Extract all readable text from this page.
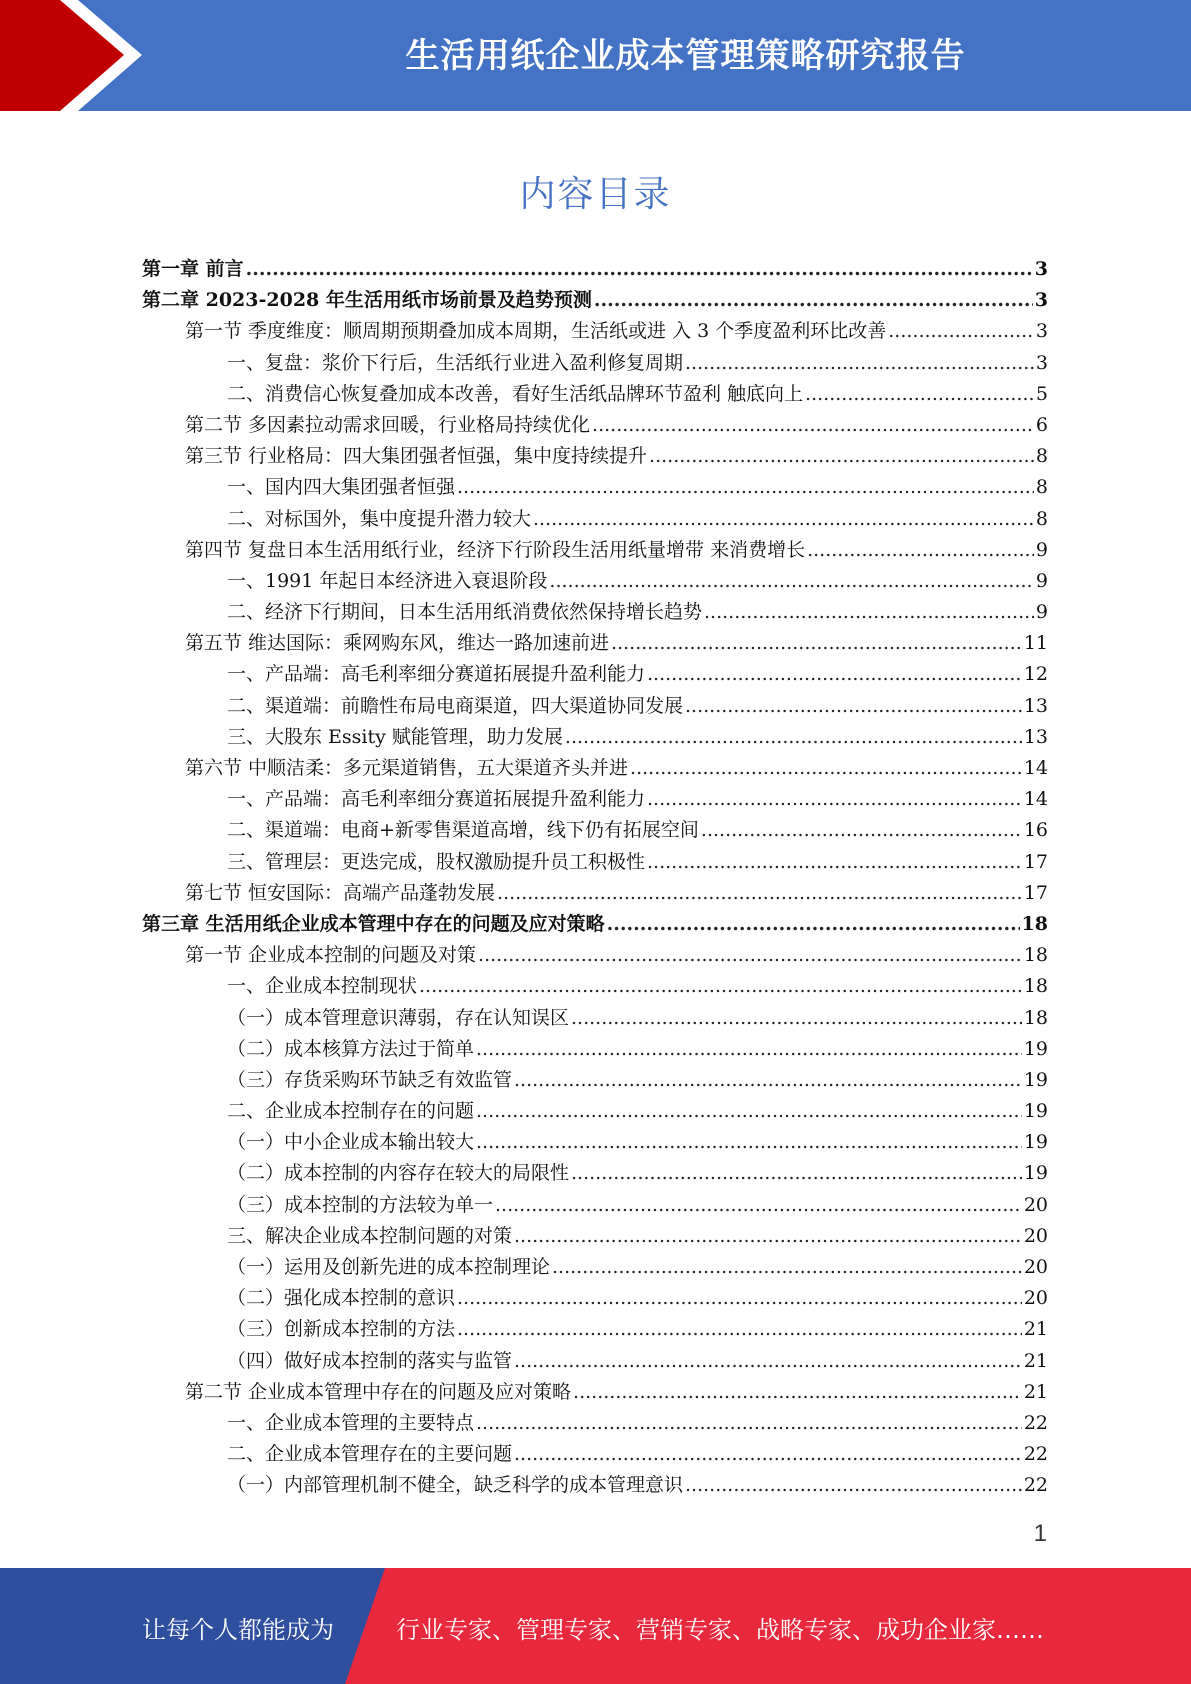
生活用纸企业成本管理策略研究报告
内容目录
第一章 前言 .....	3
第二章 2023-2028 年生活用纸市场前景及趋势预测 .....	3
第一节 季度维度：顺周期预期叠加成本周期，生活纸或进 入 3 个季度盈利环比改善 .....	3
一、复盘：浆价下行后，生活纸行业进入盈利修复周期 .....	3
二、消费信心恢复叠加成本改善，看好生活纸品牌环节盈利 触底向上 .....	5
第二节 多因素拉动需求回暖，行业格局持续优化 .....	6
第三节 行业格局：四大集团强者恒强，集中度持续提升 .....	8
一、国内四大集团强者恒强 .....	8
二、对标国外，集中度提升潜力较大 .....	8
第四节 复盘日本生活用纸行业，经济下行阶段生活用纸量增带 来消费增长 .....	9
一、1991 年起日本经济进入衰退阶段 .....	9
二、经济下行期间，日本生活用纸消费依然保持增长趋势 .....	9
第五节 维达国际：乘网购东风，维达一路加速前进 .....	11
一、产品端：高毛利率细分赛道拓展提升盈利能力 .....	12
二、渠道端：前瞻性布局电商渠道，四大渠道协同发展 .....	13
三、大股东 Essity 赋能管理，助力发展 .....	13
第六节 中顺洁柔：多元渠道销售，五大渠道齐头并进 .....	14
一、产品端：高毛利率细分赛道拓展提升盈利能力 .....	14
二、渠道端：电商+新零售渠道高增，线下仍有拓展空间 .....	16
三、管理层：更迭完成，股权激励提升员工积极性 .....	17
第七节 恒安国际：高端产品蓬勃发展 .....	17
第三章 生活用纸企业成本管理中存在的问题及应对策略 .....	18
第一节 企业成本控制的问题及对策 .....	18
一、企业成本控制现状 .....	18
（一）成本管理意识薄弱，存在认知误区 .....	18
（二）成本核算方法过于简单 .....	19
（三）存货采购环节缺乏有效监管 .....	19
二、企业成本控制存在的问题 .....	19
（一）中小企业成本输出较大 .....	19
（二）成本控制的内容存在较大的局限性 .....	19
（三）成本控制的方法较为单一 .....	20
三、解决企业成本控制问题的对策 .....	20
（一）运用及创新先进的成本控制理论 .....	20
（二）强化成本控制的意识 .....	20
（三）创新成本控制的方法 .....	21
（四）做好成本控制的落实与监管 .....	21
第二节 企业成本管理中存在的问题及应对策略 .....	21
一、企业成本管理的主要特点 .....	22
二、企业成本管理存在的主要问题 .....	22
（一）内部管理机制不健全，缺乏科学的成本管理意识 .....	22
1
让每个人都能成为	行业专家、管理专家、营销专家、战略专家、成功企业家……
